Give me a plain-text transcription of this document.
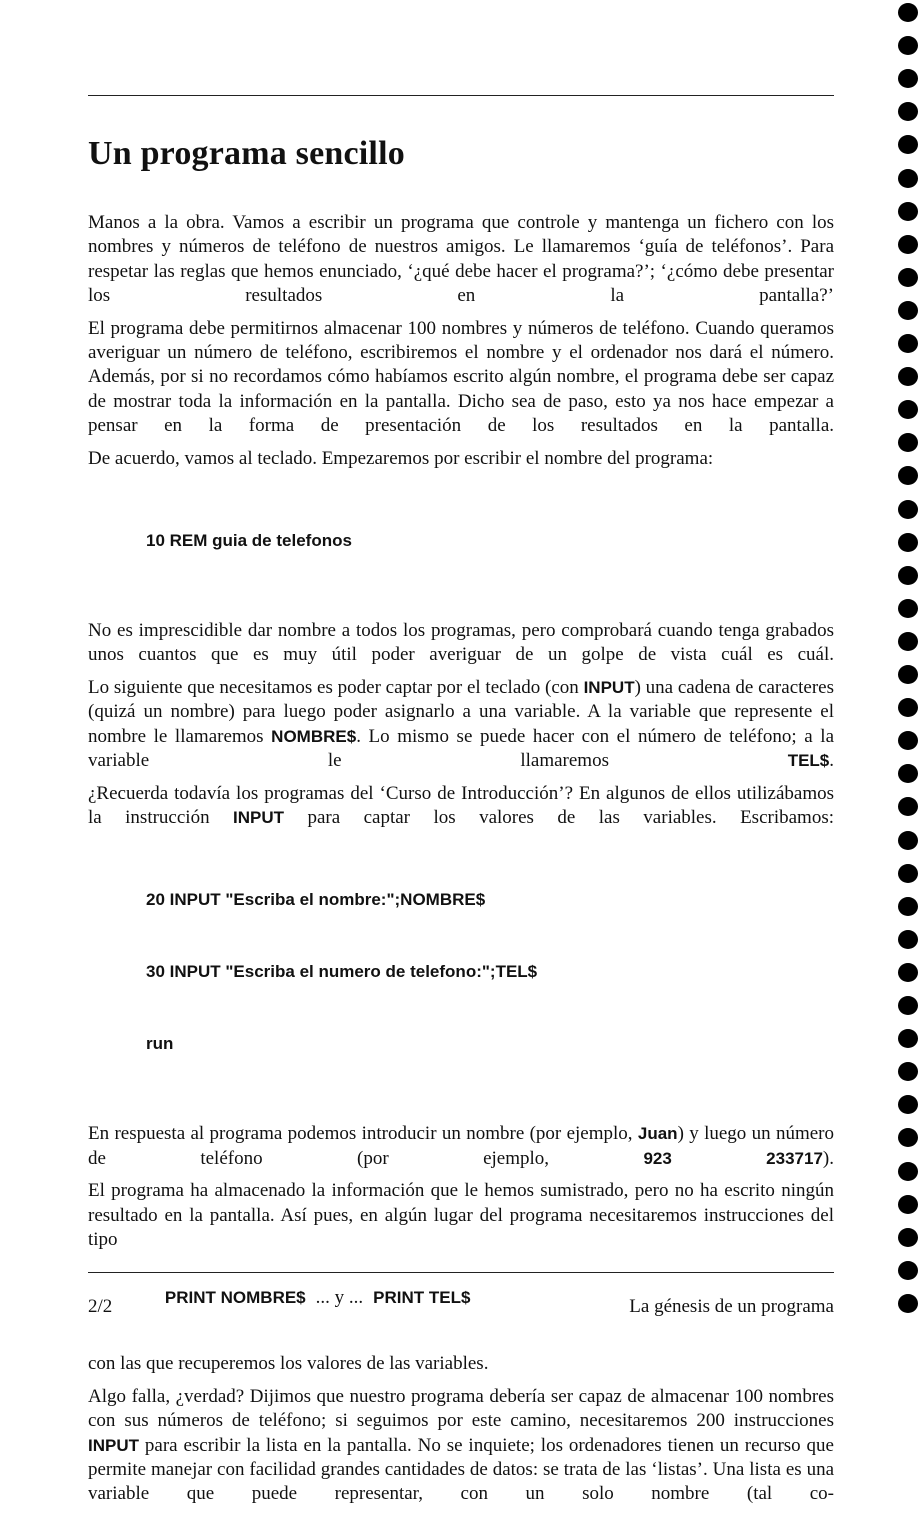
Un programa sencillo

Manos a la obra. Vamos a escribir un programa que controle y mantenga un fichero con los nombres y números de teléfono de nuestros amigos. Le llamaremos ‘guía de teléfonos’. Para respetar las reglas que hemos enunciado, ‘¿qué debe hacer el programa?’; ‘¿cómo debe presentar los resultados en la pantalla?’

El programa debe permitirnos almacenar 100 nombres y números de teléfono. Cuando queramos averiguar un número de teléfono, escribiremos el nombre y el ordenador nos dará el número. Además, por si no recordamos cómo habíamos escrito algún nombre, el programa debe ser capaz de mostrar toda la información en la pantalla. Dicho sea de paso, esto ya nos hace empezar a pensar en la forma de presentación de los resultados en la pantalla.

De acuerdo, vamos al teclado. Empezaremos por escribir el nombre del programa:

10 REM guia de telefonos

No es imprescidible dar nombre a todos los programas, pero comprobará cuando tenga grabados unos cuantos que es muy útil poder averiguar de un golpe de vista cuál es cuál.

Lo siguiente que necesitamos es poder captar por el teclado (con INPUT) una cadena de caracteres (quizá un nombre) para luego poder asignarlo a una variable. A la variable que represente el nombre le llamaremos NOMBRE$. Lo mismo se puede hacer con el número de teléfono; a la variable le llamaremos TEL$.

¿Recuerda todavía los programas del ‘Curso de Introducción’? En algunos de ellos utilizábamos la instrucción INPUT para captar los valores de las variables. Escribamos:

20 INPUT "Escriba el nombre:";NOMBRE$

30 INPUT "Escriba el numero de telefono:";TEL$

run

En respuesta al programa podemos introducir un nombre (por ejemplo, Juan) y luego un número de teléfono (por ejemplo, 923 233717).

El programa ha almacenado la información que le hemos sumistrado, pero no ha escrito ningún resultado en la pantalla. Así pues, en algún lugar del programa necesitaremos instrucciones del tipo

PRINT NOMBRE$ ... y ... PRINT TEL$

con las que recuperemos los valores de las variables.

Algo falla, ¿verdad? Dijimos que nuestro programa debería ser capaz de almacenar 100 nombres con sus números de teléfono; si seguimos por este camino, necesitaremos 200 instrucciones INPUT para escribir la lista en la pantalla. No se inquiete; los ordenadores tienen un recurso que permite manejar con facilidad grandes cantidades de datos: se trata de las ‘listas’. Una lista es una variable que puede representar, con un solo nombre (tal co-

2/2	La génesis de un programa
